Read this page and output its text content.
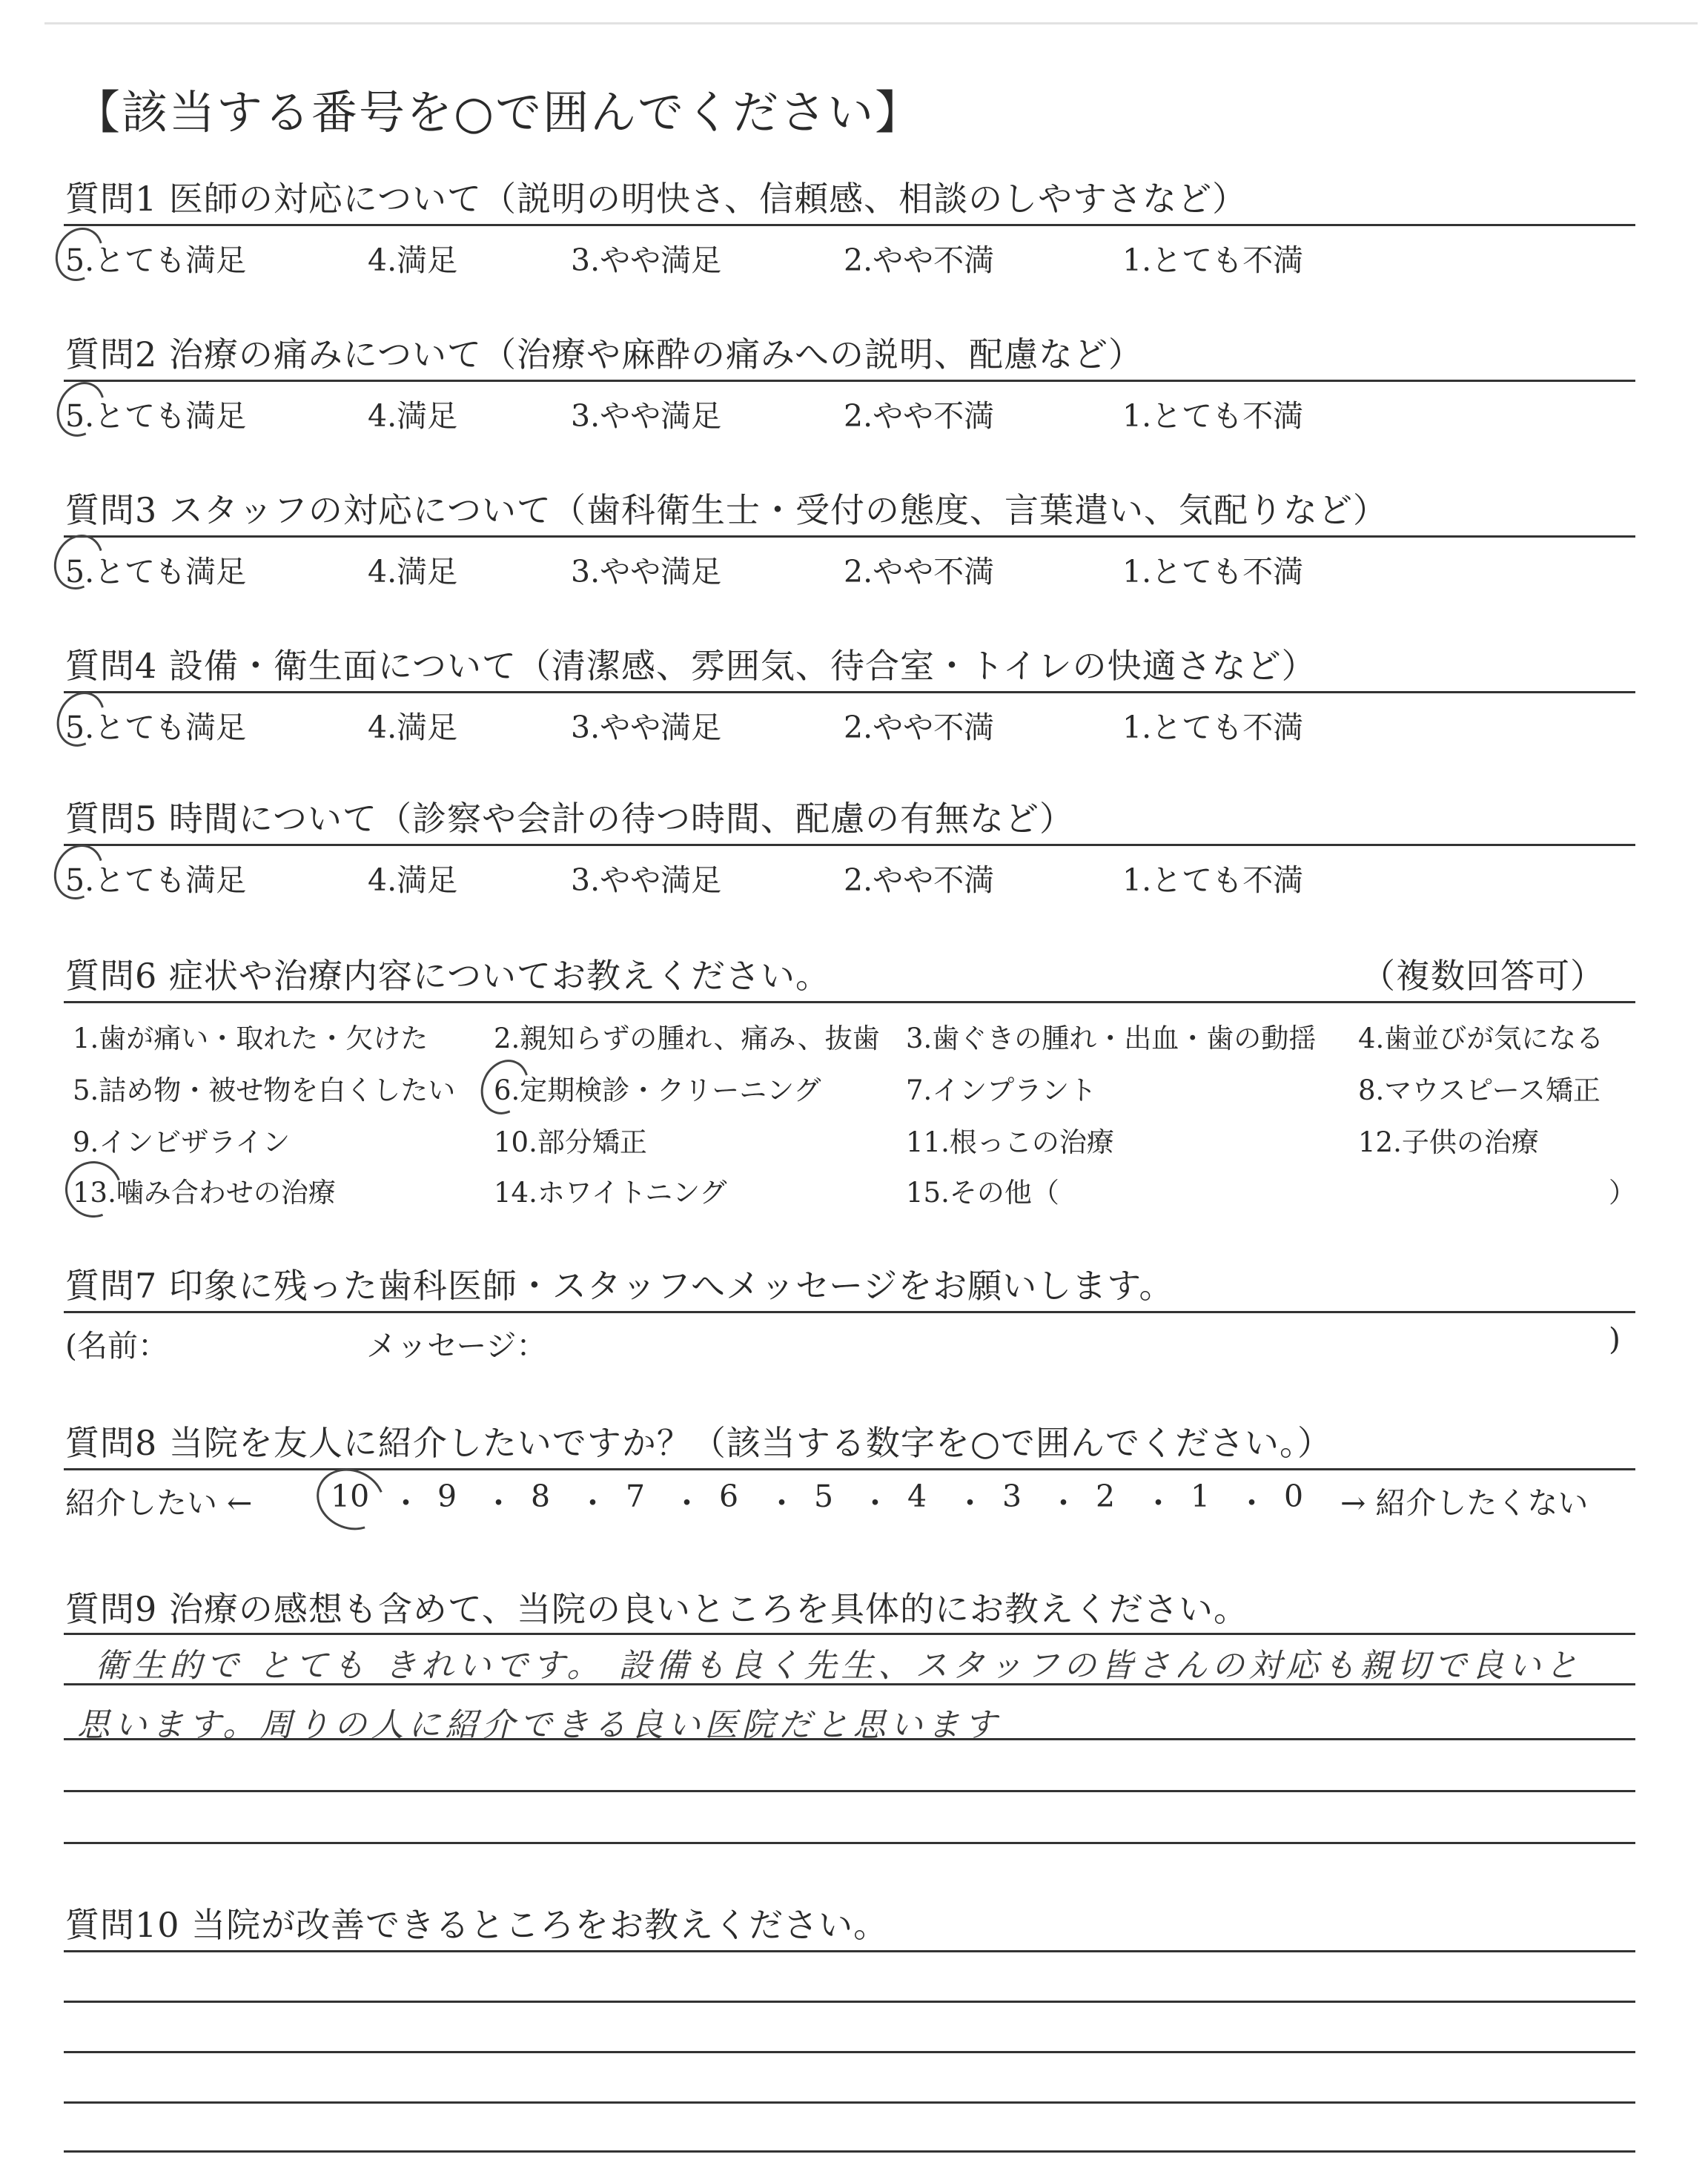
【該当する番号を○で囲んでください】
質問1 医師の対応について（説明の明快さ、信頼感、相談のしやすさなど）
5.とても満足	4.満足	3.やや満足	2.やや不満	1.とても不満
質問2 治療の痛みについて（治療や麻酔の痛みへの説明、配慮など）
5.とても満足	4.満足	3.やや満足	2.やや不満	1.とても不満
質問3 スタッフの対応について（歯科衛生士・受付の態度、言葉遣い、気配りなど）
5.とても満足	4.満足	3.やや満足	2.やや不満	1.とても不満
質問4 設備・衛生面について（清潔感、雰囲気、待合室・トイレの快適さなど）
5.とても満足	4.満足	3.やや満足	2.やや不満	1.とても不満
質問5 時間について（診察や会計の待つ時間、配慮の有無など）
5.とても満足	4.満足	3.やや満足	2.やや不満	1.とても不満
質問6 症状や治療内容についてお教えください。	（複数回答可）
1.歯が痛い・取れた・欠けた 2.親知らずの腫れ、痛み、抜歯 3.歯ぐきの腫れ・出血・歯の動揺 4.歯並びが気になる
5.詰め物・被せ物を白くしたい 6.定期検診・クリーニング	7.インプラント	8.マウスピース矯正
9.インビザライン	10.部分矯正	11.根っこの治療	12.子供の治療
13.噛み合わせの治療	14.ホワイトニング	15.その他（	）
質問7 印象に残った歯科医師・スタッフへメッセージをお願いします。
(名前：	メッセージ：	)
質問8 当院を友人に紹介したいですか？（該当する数字を○で囲んでください。）
紹介したい ←	10 ・ 9 ・ 8 ・ 7 ・ 6 ・ 5 ・ 4 ・ 3 ・ 2 ・ 1 ・ 0 → 紹介したくない
質問9 治療の感想も含めて、当院の良いところを具体的にお教えください。
衛生的で とても きれいです。 設備も良く先生、スタッフの皆さんの対応も親切で良いと
思います。周りの人に紹介できる良い医院だと思います
質問10 当院が改善できるところをお教えください。
